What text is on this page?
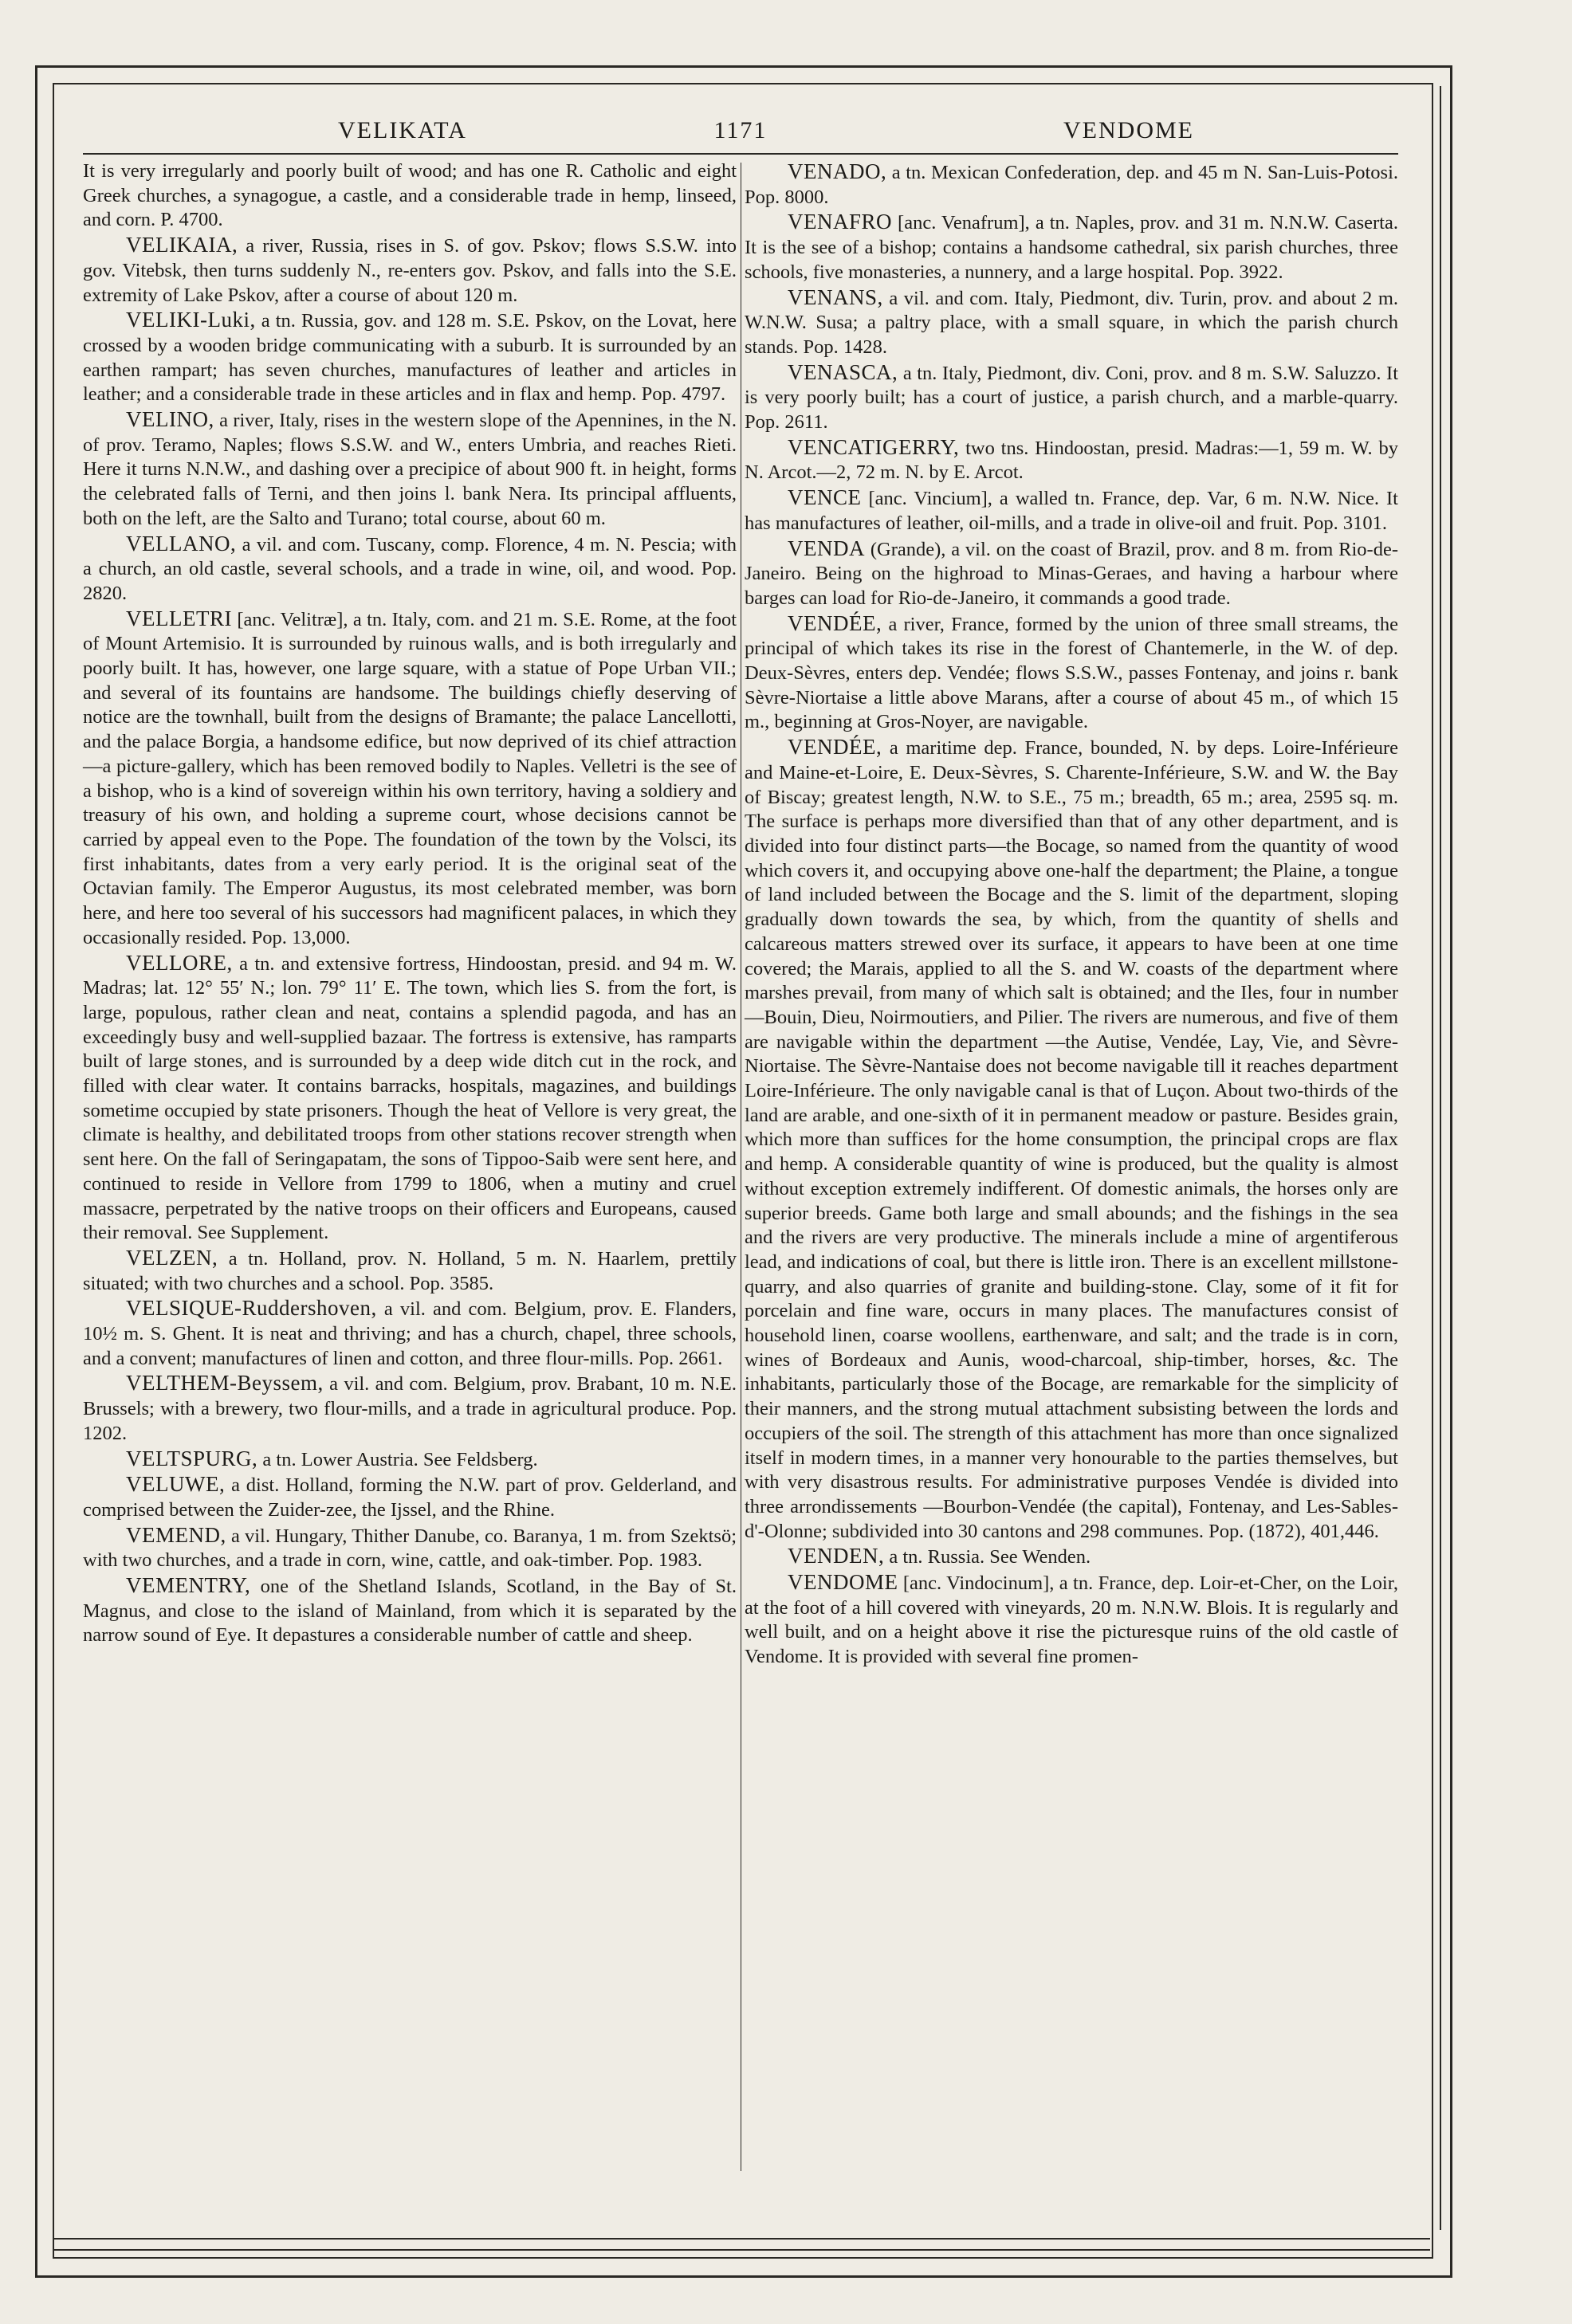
VELIKATA	1171	VENDOME

It is very irregularly and poorly built of wood; and has one R. Catholic and eight Greek churches, a synagogue, a castle, and a considerable trade in hemp, linseed, and corn. P. 4700.

VELIKAIA, a river, Russia, rises in S. of gov. Pskov; flows S.S.W. into gov. Vitebsk, then turns suddenly N., re-enters gov. Pskov, and falls into the S.E. extremity of Lake Pskov, after a course of about 120 m.

VELIKI-Luki, a tn. Russia, gov. and 128 m. S.E. Pskov, on the Lovat, here crossed by a wooden bridge communicating with a suburb. It is surrounded by an earthen rampart; has seven churches, manufactures of leather and articles in leather; and a considerable trade in these articles and in flax and hemp. Pop. 4797.

VELINO, a river, Italy, rises in the western slope of the Apennines, in the N. of prov. Teramo, Naples; flows S.S.W. and W., enters Umbria, and reaches Rieti. Here it turns N.N.W., and dashing over a precipice of about 900 ft. in height, forms the celebrated falls of Terni, and then joins l. bank Nera. Its principal affluents, both on the left, are the Salto and Turano; total course, about 60 m.

VELLANO, a vil. and com. Tuscany, comp. Florence, 4 m. N. Pescia; with a church, an old castle, several schools, and a trade in wine, oil, and wood. Pop. 2820.

VELLETRI [anc. Velitræ], a tn. Italy, com. and 21 m. S.E. Rome, at the foot of Mount Artemisio. It is surrounded by ruinous walls, and is both irregularly and poorly built. It has, however, one large square, with a statue of Pope Urban VII.; and several of its fountains are handsome. The buildings chiefly deserving of notice are the townhall, built from the designs of Bramante; the palace Lancellotti, and the palace Borgia, a handsome edifice, but now deprived of its chief attraction—a picture-gallery, which has been removed bodily to Naples. Velletri is the see of a bishop, who is a kind of sovereign within his own territory, having a soldiery and treasury of his own, and holding a supreme court, whose decisions cannot be carried by appeal even to the Pope. The foundation of the town by the Volsci, its first inhabitants, dates from a very early period. It is the original seat of the Octavian family. The Emperor Augustus, its most celebrated member, was born here, and here too several of his successors had magnificent palaces, in which they occasionally resided. Pop. 13,000.

VELLORE, a tn. and extensive fortress, Hindoostan, presid. and 94 m. W. Madras; lat. 12° 55′ N.; lon. 79° 11′ E. The town, which lies S. from the fort, is large, populous, rather clean and neat, contains a splendid pagoda, and has an exceedingly busy and well-supplied bazaar. The fortress is extensive, has ramparts built of large stones, and is surrounded by a deep wide ditch cut in the rock, and filled with clear water. It contains barracks, hospitals, magazines, and buildings sometime occupied by state prisoners. Though the heat of Vellore is very great, the climate is healthy, and debilitated troops from other stations recover strength when sent here. On the fall of Seringapatam, the sons of Tippoo-Saib were sent here, and continued to reside in Vellore from 1799 to 1806, when a mutiny and cruel massacre, perpetrated by the native troops on their officers and Europeans, caused their removal. See Supplement.

VELZEN, a tn. Holland, prov. N. Holland, 5 m. N. Haarlem, prettily situated; with two churches and a school. Pop. 3585.

VELSIQUE-Ruddershoven, a vil. and com. Belgium, prov. E. Flanders, 10½ m. S. Ghent. It is neat and thriving; and has a church, chapel, three schools, and a convent; manufactures of linen and cotton, and three flour-mills. Pop. 2661.

VELTHEM-Beyssem, a vil. and com. Belgium, prov. Brabant, 10 m. N.E. Brussels; with a brewery, two flour-mills, and a trade in agricultural produce. Pop. 1202.

VELTSPURG, a tn. Lower Austria. See Feldsberg.

VELUWE, a dist. Holland, forming the N.W. part of prov. Gelderland, and comprised between the Zuider-zee, the Ijssel, and the Rhine.

VEMEND, a vil. Hungary, Thither Danube, co. Baranya, 1 m. from Szektsö; with two churches, and a trade in corn, wine, cattle, and oak-timber. Pop. 1983.

VEMENTRY, one of the Shetland Islands, Scotland, in the Bay of St. Magnus, and close to the island of Mainland, from which it is separated by the narrow sound of Eye. It depastures a considerable number of cattle and sheep.

VENADO, a tn. Mexican Confederation, dep. and 45 m N. San-Luis-Potosi. Pop. 8000.

VENAFRO [anc. Venafrum], a tn. Naples, prov. and 31 m. N.N.W. Caserta. It is the see of a bishop; contains a handsome cathedral, six parish churches, three schools, five monasteries, a nunnery, and a large hospital. Pop. 3922.

VENANS, a vil. and com. Italy, Piedmont, div. Turin, prov. and about 2 m. W.N.W. Susa; a paltry place, with a small square, in which the parish church stands. Pop. 1428.

VENASCA, a tn. Italy, Piedmont, div. Coni, prov. and 8 m. S.W. Saluzzo. It is very poorly built; has a court of justice, a parish church, and a marble-quarry. Pop. 2611.

VENCATIGERRY, two tns. Hindoostan, presid. Madras:—1, 59 m. W. by N. Arcot.—2, 72 m. N. by E. Arcot.

VENCE [anc. Vincium], a walled tn. France, dep. Var, 6 m. N.W. Nice. It has manufactures of leather, oil-mills, and a trade in olive-oil and fruit. Pop. 3101.

VENDA (Grande), a vil. on the coast of Brazil, prov. and 8 m. from Rio-de-Janeiro. Being on the highroad to Minas-Geraes, and having a harbour where barges can load for Rio-de-Janeiro, it commands a good trade.

VENDÉE, a river, France, formed by the union of three small streams, the principal of which takes its rise in the forest of Chantemerle, in the W. of dep. Deux-Sèvres, enters dep. Vendée; flows S.S.W., passes Fontenay, and joins r. bank Sèvre-Niortaise a little above Marans, after a course of about 45 m., of which 15 m., beginning at Gros-Noyer, are navigable.

VENDÉE, a maritime dep. France, bounded, N. by deps. Loire-Inférieure and Maine-et-Loire, E. Deux-Sèvres, S. Charente-Inférieure, S.W. and W. the Bay of Biscay; greatest length, N.W. to S.E., 75 m.; breadth, 65 m.; area, 2595 sq. m. The surface is perhaps more diversified than that of any other department, and is divided into four distinct parts—the Bocage, so named from the quantity of wood which covers it, and occupying above one-half the department; the Plaine, a tongue of land included between the Bocage and the S. limit of the department, sloping gradually down towards the sea, by which, from the quantity of shells and calcareous matters strewed over its surface, it appears to have been at one time covered; the Marais, applied to all the S. and W. coasts of the department where marshes prevail, from many of which salt is obtained; and the Iles, four in number—Bouin, Dieu, Noirmoutiers, and Pilier. The rivers are numerous, and five of them are navigable within the department —the Autise, Vendée, Lay, Vie, and Sèvre-Niortaise. The Sèvre-Nantaise does not become navigable till it reaches department Loire-Inférieure. The only navigable canal is that of Luçon. About two-thirds of the land are arable, and one-sixth of it in permanent meadow or pasture. Besides grain, which more than suffices for the home consumption, the principal crops are flax and hemp. A considerable quantity of wine is produced, but the quality is almost without exception extremely indifferent. Of domestic animals, the horses only are superior breeds. Game both large and small abounds; and the fishings in the sea and the rivers are very productive. The minerals include a mine of argentiferous lead, and indications of coal, but there is little iron. There is an excellent millstone-quarry, and also quarries of granite and building-stone. Clay, some of it fit for porcelain and fine ware, occurs in many places. The manufactures consist of household linen, coarse woollens, earthenware, and salt; and the trade is in corn, wines of Bordeaux and Aunis, wood-charcoal, ship-timber, horses, &c. The inhabitants, particularly those of the Bocage, are remarkable for the simplicity of their manners, and the strong mutual attachment subsisting between the lords and occupiers of the soil. The strength of this attachment has more than once signalized itself in modern times, in a manner very honourable to the parties themselves, but with very disastrous results. For administrative purposes Vendée is divided into three arrondissements —Bourbon-Vendée (the capital), Fontenay, and Les-Sables-d'-Olonne; subdivided into 30 cantons and 298 communes. Pop. (1872), 401,446.

VENDEN, a tn. Russia. See Wenden.

VENDOME [anc. Vindocinum], a tn. France, dep. Loir-et-Cher, on the Loir, at the foot of a hill covered with vineyards, 20 m. N.N.W. Blois. It is regularly and well built, and on a height above it rise the picturesque ruins of the old castle of Vendome. It is provided with several fine promen-
